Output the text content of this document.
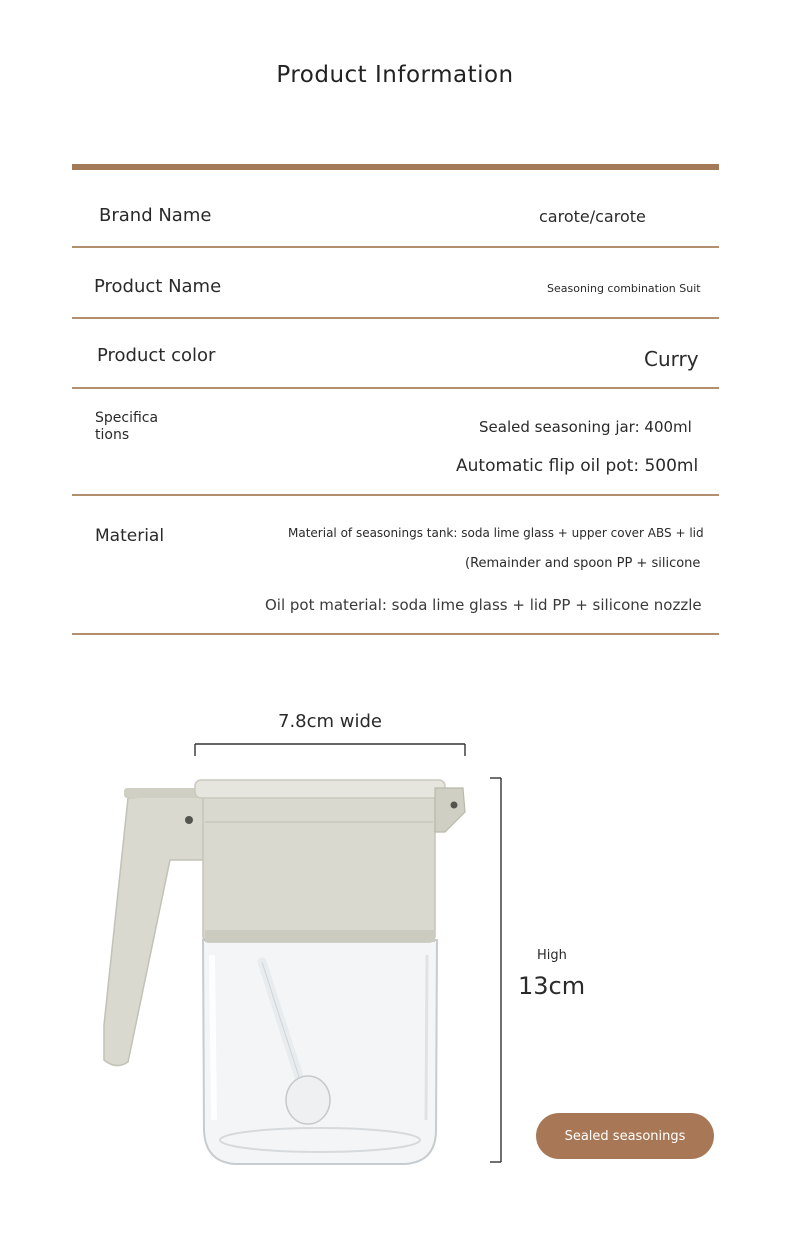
Product Information
Brand Name	carote/carote
Product Name	Seasoning combination Suit
Product color	Curry
Specifica
tions	Sealed seasoning jar: 400ml
Automatic flip oil pot: 500ml
Material	Material of seasonings tank: soda lime glass + upper cover ABS + lid
(Remainder and spoon PP + silicone
Oil pot material: soda lime glass + lid PP + silicone nozzle
7.8cm wide
High
13cm
Sealed seasonings
